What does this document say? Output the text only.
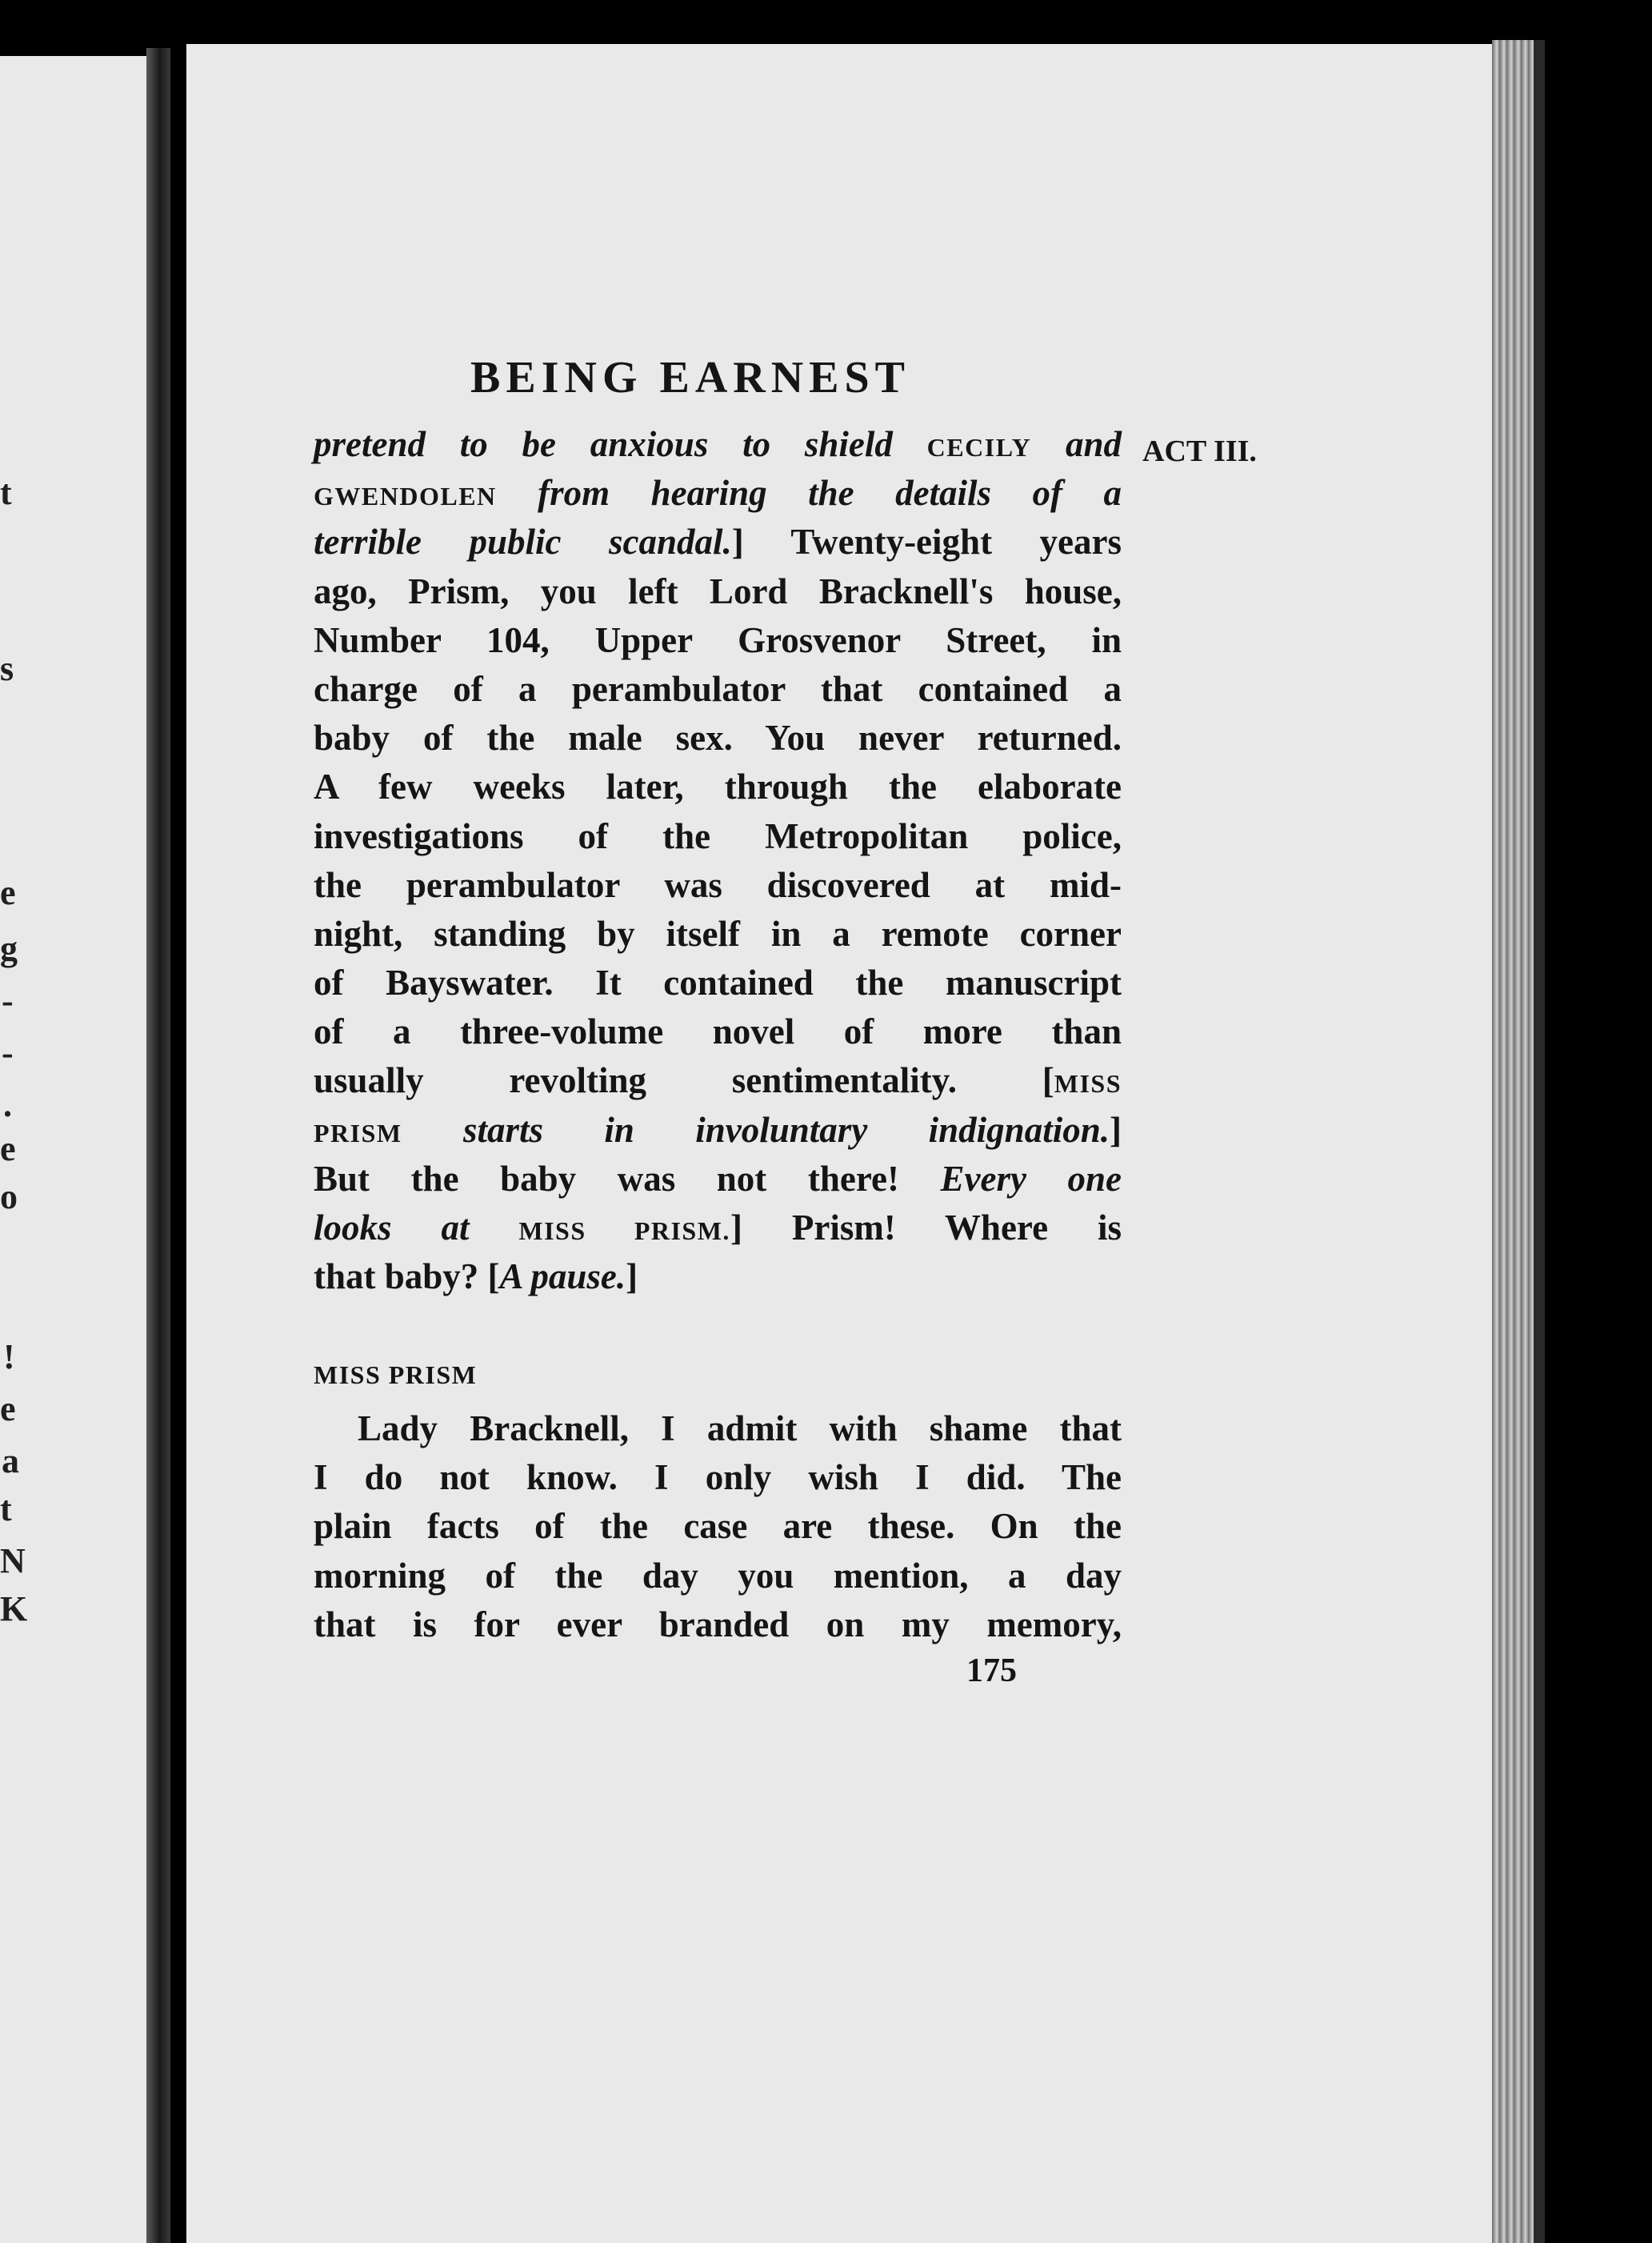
t
s
e
g
-
-
.
e
o
!
e
a
t
N
K
BEING EARNEST
ACT III.
pretend to be anxious to shield CECILY and
GWENDOLEN from hearing the details of a
terrible public scandal.] Twenty-eight years
ago, Prism, you left Lord Bracknell's house,
Number 104, Upper Grosvenor Street, in
charge of a perambulator that contained a
baby of the male sex. You never returned.
A few weeks later, through the elaborate
investigations of the Metropolitan police,
the perambulator was discovered at mid-
night, standing by itself in a remote corner
of Bayswater. It contained the manuscript
of a three-volume novel of more than
usually revolting sentimentality. [MISS
PRISM starts in involuntary indignation.]
But the baby was not there! Every one
looks at MISS PRISM.] Prism! Where is
that baby? [A pause.]
MISS PRISM
Lady Bracknell, I admit with shame that
I do not know. I only wish I did. The
plain facts of the case are these. On the
morning of the day you mention, a day
that is for ever branded on my memory,
175
